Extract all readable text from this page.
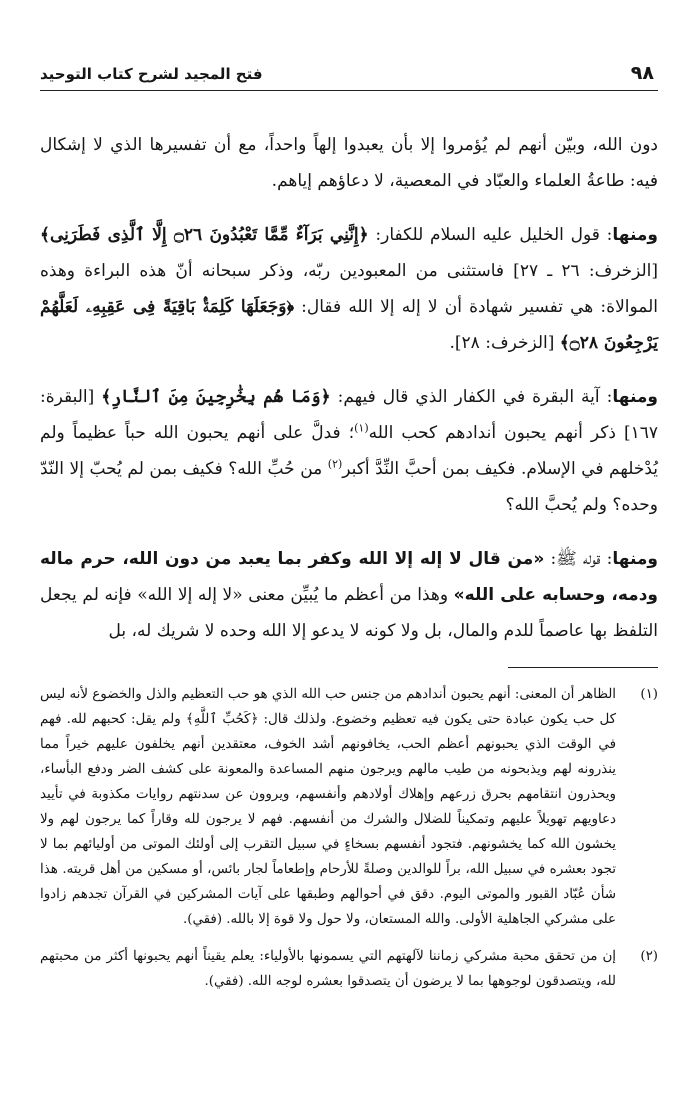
٩٨
فتح المجيد لشرح كتاب التوحيد

دون الله، وبيّن أنهم لم يُؤمروا إلا بأن يعبدوا إلهاً واحداً، مع أن تفسيرها الذي لا إشكال فيه: طاعةُ العلماء والعبّاد في المعصية، لا دعاؤهم إياهم.

ومنها: قول الخليل عليه السلام للكفار: ﴿إِنَّنِي بَرَآءٌ مِّمَّا تَعْبُدُونَ ۝٢٦ إِلَّا ٱلَّذِى فَطَرَنِى﴾ [الزخرف: ٢٦ ـ ٢٧] فاستثنى من المعبودين ربّه، وذكر سبحانه أنّ هذه البراءة وهذه الموالاة: هي تفسير شهادة أن لا إله إلا الله فقال: ﴿وَجَعَلَهَا كَلِمَةًۢ بَاقِيَةً فِى عَقِبِهِۦ لَعَلَّهُمْ يَرْجِعُونَ ۝٢٨﴾ [الزخرف: ٢٨].

ومنها: آية البقرة في الكفار الذي قال فيهم: ﴿وَمَا هُم بِخَٰرِجِينَ مِنَ ٱلنَّارِ﴾ [البقرة: ١٦٧] ذكر أنهم يحبون أندادهم كحب الله$^{(١)}$؛ فدلَّ على أنهم يحبون الله حباً عظيماً ولم يُدْخلهم في الإسلام. فكيف بمن أحبَّ النِّدَّ أكبر$^{(٢)}$ من حُبِّ الله؟ فكيف بمن لم يُحبّ إلا النّدّ وحده؟ ولم يُحبَّ الله؟

ومنها: قوله ﷺ: «من قال لا إله إلا الله وكفر بما يعبد من دون الله، حرم ماله ودمه، وحسابه على الله» وهذا من أعظم ما يُبيِّن معنى «لا إله إلا الله» فإنه لم يجعل التلفظ بها عاصماً للدم والمال، بل ولا كونه لا يدعو إلا الله وحده لا شريك له، بل

(١)
الظاهر أن المعنى: أنهم يحبون أندادهم من جنس حب الله الذي هو حب التعظيم والذل والخضوع لأنه ليس كل حب يكون عبادة حتى يكون فيه تعظيم وخضوع. ولذلك قال: ﴿كَحُبِّ ٱللَّهِ﴾ ولم يقل: كحبهم لله. فهم في الوقت الذي يحبونهم أعظم الحب، يخافونهم أشد الخوف، معتقدين أنهم يخلفون عليهم خيراً مما ينذرونه لهم ويذبحونه من طيب مالهم ويرجون منهم المساعدة والمعونة على كشف الضر ودفع البأساء، ويحذرون انتقامهم بحرق زرعهم وإهلاك أولادهم وأنفسهم، ويروون عن سدنتهم روايات مكذوبة في تأييد دعاويهم تهويلاً عليهم وتمكيناً للضلال والشرك من أنفسهم. فهم لا يرجون لله وقاراً كما يرجون لهم ولا يخشون الله كما يخشونهم. فتجود أنفسهم بسخاءٍ في سبيل التقرب إلى أولئك الموتى من أوليائهم بما لا تجود بعشره في سبيل الله، براً للوالدين وصلةً للأرحام وإطعاماً لجار بائس، أو مسكين من أهل قريته. هذا شأن عُبّاد القبور والموتى اليوم. دقق في أحوالهم وطبقها على آيات المشركين في القرآن تجدهم زادوا على مشركي الجاهلية الأولى. والله المستعان، ولا حول ولا قوة إلا بالله. (فقي).
(٢)
إن من تحقق محبة مشركي زماننا لآلهتهم التي يسمونها بالأولياء: يعلم يقيناً أنهم يحبونها أكثر من محبتهم لله، ويتصدقون لوجوهها بما لا يرضون أن يتصدقوا بعشره لوجه الله. (فقي).
